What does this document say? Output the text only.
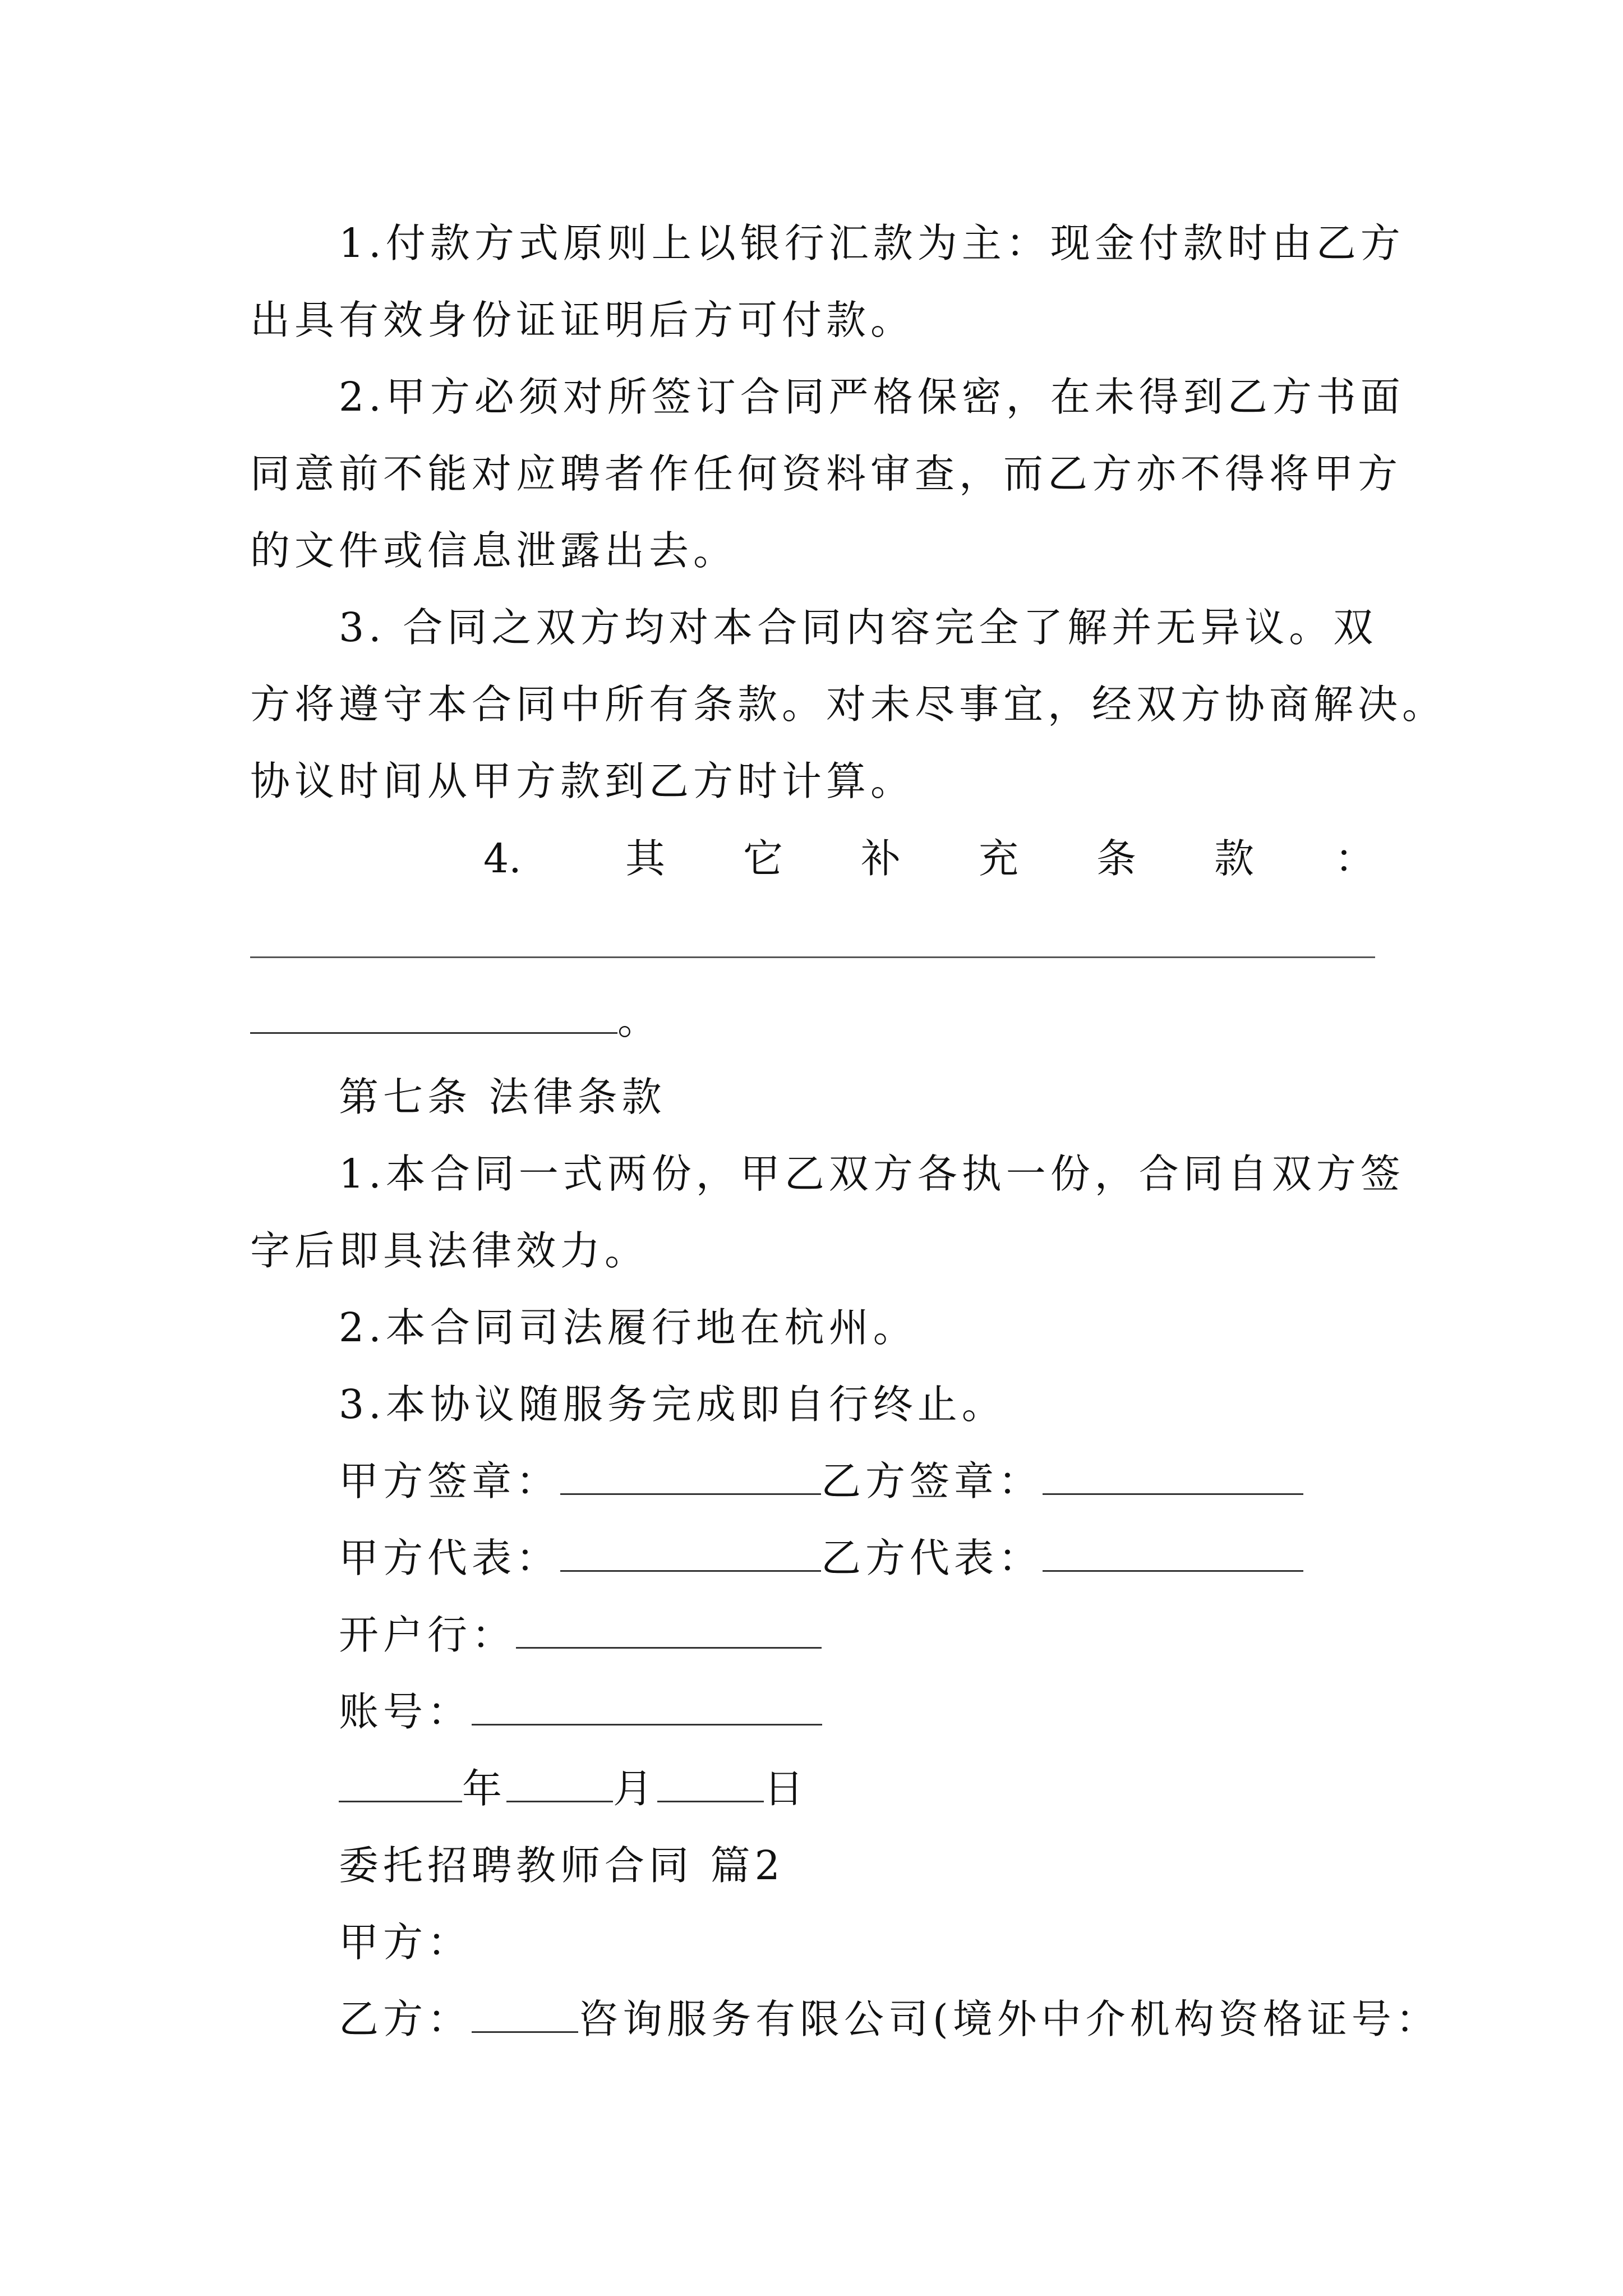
1.付款方式原则上以银行汇款为主：现金付款时由乙方
出具有效身份证证明后方可付款。
2.甲方必须对所签订合同严格保密，在未得到乙方书面
同意前不能对应聘者作任何资料审查，而乙方亦不得将甲方
的文件或信息泄露出去。
3. 合同之双方均对本合同内容完全了解并无异议。双
方将遵守本合同中所有条款。对未尽事宜，经双方协商解决。
协议时间从甲方款到乙方时计算。
4.	其 它 补 充 条 款 ：
。
第七条 法律条款
1.本合同一式两份，甲乙双方各执一份，合同自双方签
字后即具法律效力。
2.本合同司法履行地在杭州。
3.本协议随服务完成即自行终止。
甲方签章：	乙方签章：
甲方代表：	乙方代表：
开户行：
账号：
年	月	日
委托招聘教师合同 篇2
甲方：
乙方：	咨询服务有限公司(境外中介机构资格证号：
